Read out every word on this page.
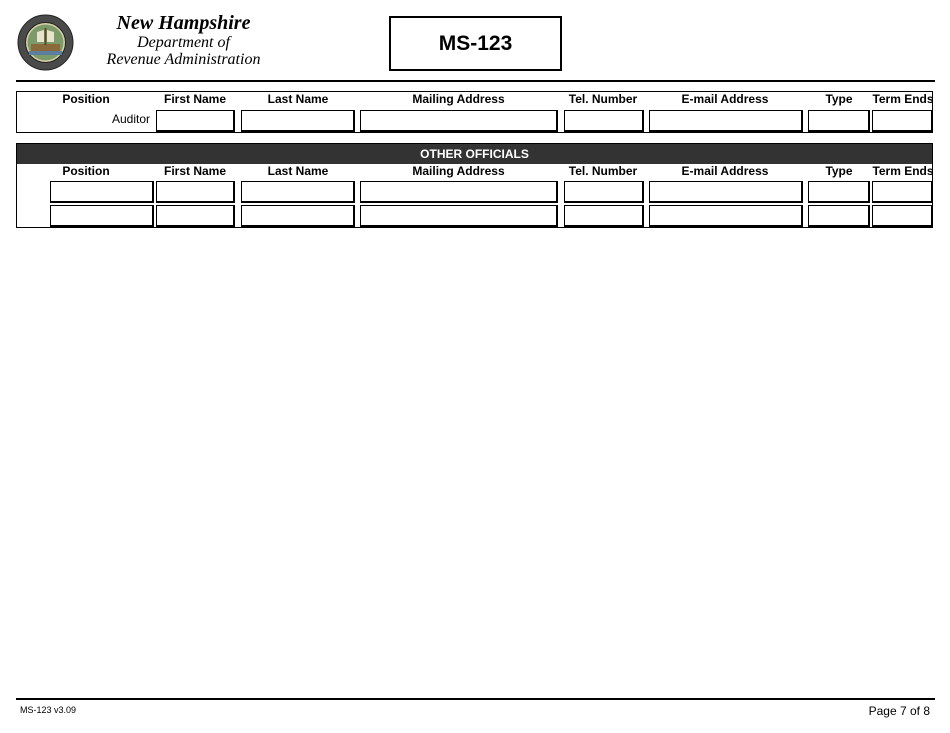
New Hampshire
Department of
Revenue Administration
MS-123
Position	First Name	Last Name	Mailing Address	Tel. Number	E-mail Address	Type	Term Ends
Auditor
OTHER OFFICIALS
Position	First Name	Last Name	Mailing Address	Tel. Number	E-mail Address	Type	Term Ends
MS-123 v3.09	Page 7 of 8
